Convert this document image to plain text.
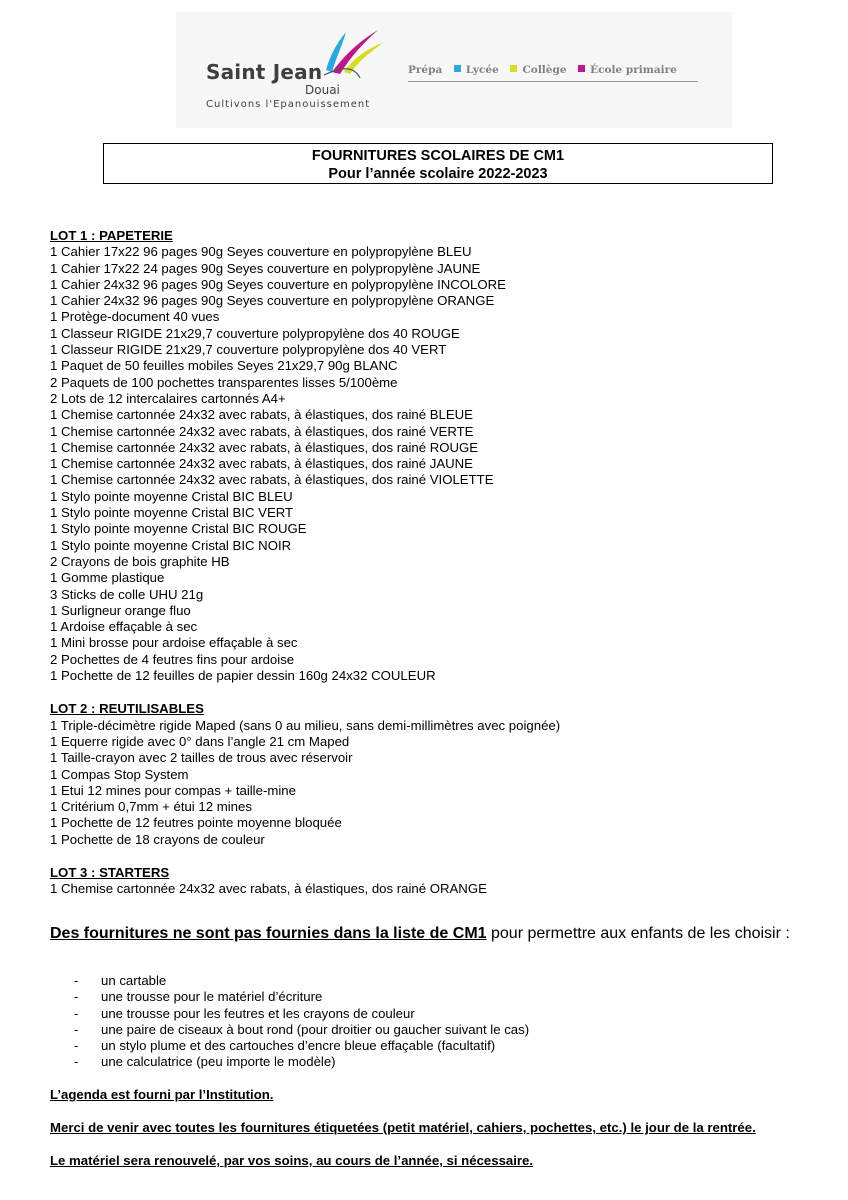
Saint Jean
Douai
Cultivons l'Epanouissement
Prépa Lycée Collège École primaire
FOURNITURES SCOLAIRES DE CM1
Pour l’année scolaire 2022-2023
LOT 1 : PAPETERIE
1 Cahier 17x22 96 pages 90g Seyes couverture en polypropylène BLEU
1 Cahier 17x22 24 pages 90g Seyes couverture en polypropylène JAUNE
1 Cahier 24x32 96 pages 90g Seyes couverture en polypropylène INCOLORE
1 Cahier 24x32 96 pages 90g Seyes couverture en polypropylène ORANGE
1 Protège-document 40 vues
1 Classeur RIGIDE 21x29,7 couverture polypropylène dos 40 ROUGE
1 Classeur RIGIDE 21x29,7 couverture polypropylène dos 40 VERT
1 Paquet de 50 feuilles mobiles Seyes 21x29,7 90g BLANC
2 Paquets de 100 pochettes transparentes lisses 5/100ème
2 Lots de 12 intercalaires cartonnés A4+
1 Chemise cartonnée 24x32 avec rabats, à élastiques, dos rainé BLEUE
1 Chemise cartonnée 24x32 avec rabats, à élastiques, dos rainé VERTE
1 Chemise cartonnée 24x32 avec rabats, à élastiques, dos rainé ROUGE
1 Chemise cartonnée 24x32 avec rabats, à élastiques, dos rainé JAUNE
1 Chemise cartonnée 24x32 avec rabats, à élastiques, dos rainé VIOLETTE
1 Stylo pointe moyenne Cristal BIC BLEU
1 Stylo pointe moyenne Cristal BIC VERT
1 Stylo pointe moyenne Cristal BIC ROUGE
1 Stylo pointe moyenne Cristal BIC NOIR
2 Crayons de bois graphite HB
1 Gomme plastique
3 Sticks de colle UHU 21g
1 Surligneur orange fluo
1 Ardoise effaçable à sec
1 Mini brosse pour ardoise effaçable à sec
2 Pochettes de 4 feutres fins pour ardoise
1 Pochette de 12 feuilles de papier dessin 160g 24x32 COULEUR
LOT 2 : REUTILISABLES
1 Triple-décimètre rigide Maped (sans 0 au milieu, sans demi-millimètres avec poignée)
1 Equerre rigide avec 0° dans l’angle 21 cm Maped
1 Taille-crayon avec 2 tailles de trous avec réservoir
1 Compas Stop System
1 Etui 12 mines pour compas + taille-mine
1 Critérium 0,7mm + étui 12 mines
1 Pochette de 12 feutres pointe moyenne bloquée
1 Pochette de 18 crayons de couleur
LOT 3 : STARTERS
1 Chemise cartonnée 24x32 avec rabats, à élastiques, dos rainé ORANGE
Des fournitures ne sont pas fournies dans la liste de CM1 pour permettre aux enfants de les choisir :
- un cartable
- une trousse pour le matériel d’écriture
- une trousse pour les feutres et les crayons de couleur
- une paire de ciseaux à bout rond (pour droitier ou gaucher suivant le cas)
- un stylo plume et des cartouches d’encre bleue effaçable (facultatif)
- une calculatrice (peu importe le modèle)
L’agenda est fourni par l’Institution.
Merci de venir avec toutes les fournitures étiquetées (petit matériel, cahiers, pochettes, etc.) le jour de la rentrée.
Le matériel sera renouvelé, par vos soins, au cours de l’année, si nécessaire.
